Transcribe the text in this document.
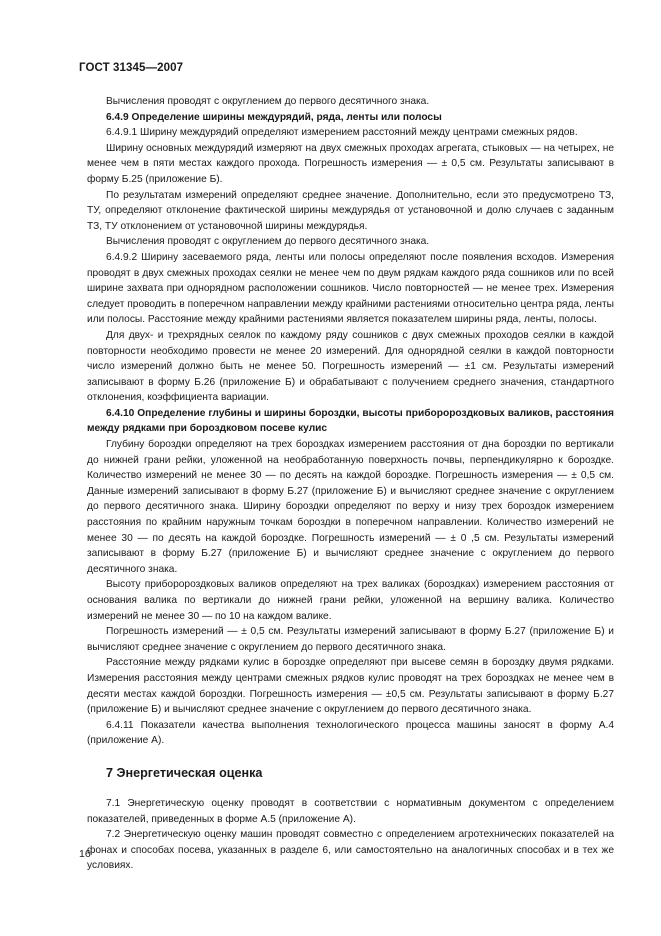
ГОСТ 31345—2007

Вычисления проводят с округлением до первого десятичного знака.

6.4.9 Определение ширины междурядий, ряда, ленты или полосы

6.4.9.1 Ширину междурядий определяют измерением расстояний между центрами смежных рядов.

Ширину основных междурядий измеряют на двух смежных проходах агрегата, стыковых — на четырех, не менее чем в пяти местах каждого прохода. Погрешность измерения — ± 0,5 см. Результаты записывают в форму Б.25 (приложение Б).

По результатам измерений определяют среднее значение. Дополнительно, если это предусмотрено ТЗ, ТУ, определяют отклонение фактической ширины междурядья от установочной и долю случаев с заданным ТЗ, ТУ отклонением от установочной ширины междурядья.

Вычисления проводят с округлением до первого десятичного знака.

6.4.9.2 Ширину засеваемого ряда, ленты или полосы определяют после появления всходов. Измерения проводят в двух смежных проходах сеялки не менее чем по двум рядкам каждого ряда сошников или по всей ширине захвата при однорядном расположении сошников. Число повторностей — не менее трех. Измерения следует проводить в поперечном направлении между крайними растениями относительно центра ряда, ленты или полосы. Расстояние между крайними растениями является показателем ширины ряда, ленты, полосы.

Для двух- и трехрядных сеялок по каждому ряду сошников с двух смежных проходов сеялки в каждой повторности необходимо провести не менее 20 измерений. Для однорядной сеялки в каждой повторности число измерений должно быть не менее 50. Погрешность измерений — ±1 см. Результаты измерений записывают в форму Б.26 (приложение Б) и обрабатывают с получением среднего значения, стандартного отклонения, коэффициента вариации.

6.4.10 Определение глубины и ширины бороздки, высоты приборороздковых валиков, расстояния между рядками при бороздковом посеве кулис

Глубину бороздки определяют на трех бороздках измерением расстояния от дна бороздки по вертикали до нижней грани рейки, уложенной на необработанную поверхность почвы, перпендикулярно к бороздке. Количество измерений не менее 30 — по десять на каждой бороздке. Погрешность измерения — ± 0,5 см. Данные измерений записывают в форму Б.27 (приложение Б) и вычисляют среднее значение с округлением до первого десятичного знака. Ширину бороздки определяют по верху и низу трех бороздок измерением расстояния по крайним наружным точкам бороздки в поперечном направлении. Количество измерений не менее 30 — по десять на каждой бороздке. Погрешность измерений — ± 0 ,5 см. Результаты измерений записывают в форму Б.27 (приложение Б) и вычисляют среднее значение с округлением до первого десятичного знака.

Высоту приборороздковых валиков определяют на трех валиках (бороздках) измерением расстояния от основания валика по вертикали до нижней грани рейки, уложенной на вершину валика. Количество измерений не менее 30 — по 10 на каждом валике.

Погрешность измерений — ± 0,5 см. Результаты измерений записывают в форму Б.27 (приложение Б) и вычисляют среднее значение с округлением до первого десятичного знака.

Расстояние между рядками кулис в бороздке определяют при высеве семян в бороздку двумя рядками. Измерения расстояния между центрами смежных рядков кулис проводят на трех бороздках не менее чем в десяти местах каждой бороздки. Погрешность измерения — ±0,5 см. Результаты записывают в форму Б.27 (приложение Б) и вычисляют среднее значение с округлением до первого десятичного знака.

6.4.11 Показатели качества выполнения технологического процесса машины заносят в форму А.4 (приложение А).

7 Энергетическая оценка

7.1 Энергетическую оценку проводят в соответствии с нормативным документом с определением показателей, приведенных в форме А.5 (приложение А).

7.2 Энергетическую оценку машин проводят совместно с определением агротехнических показателей на фонах и способах посева, указанных в разделе 6, или самостоятельно на аналогичных способах и в тех же условиях.

16
